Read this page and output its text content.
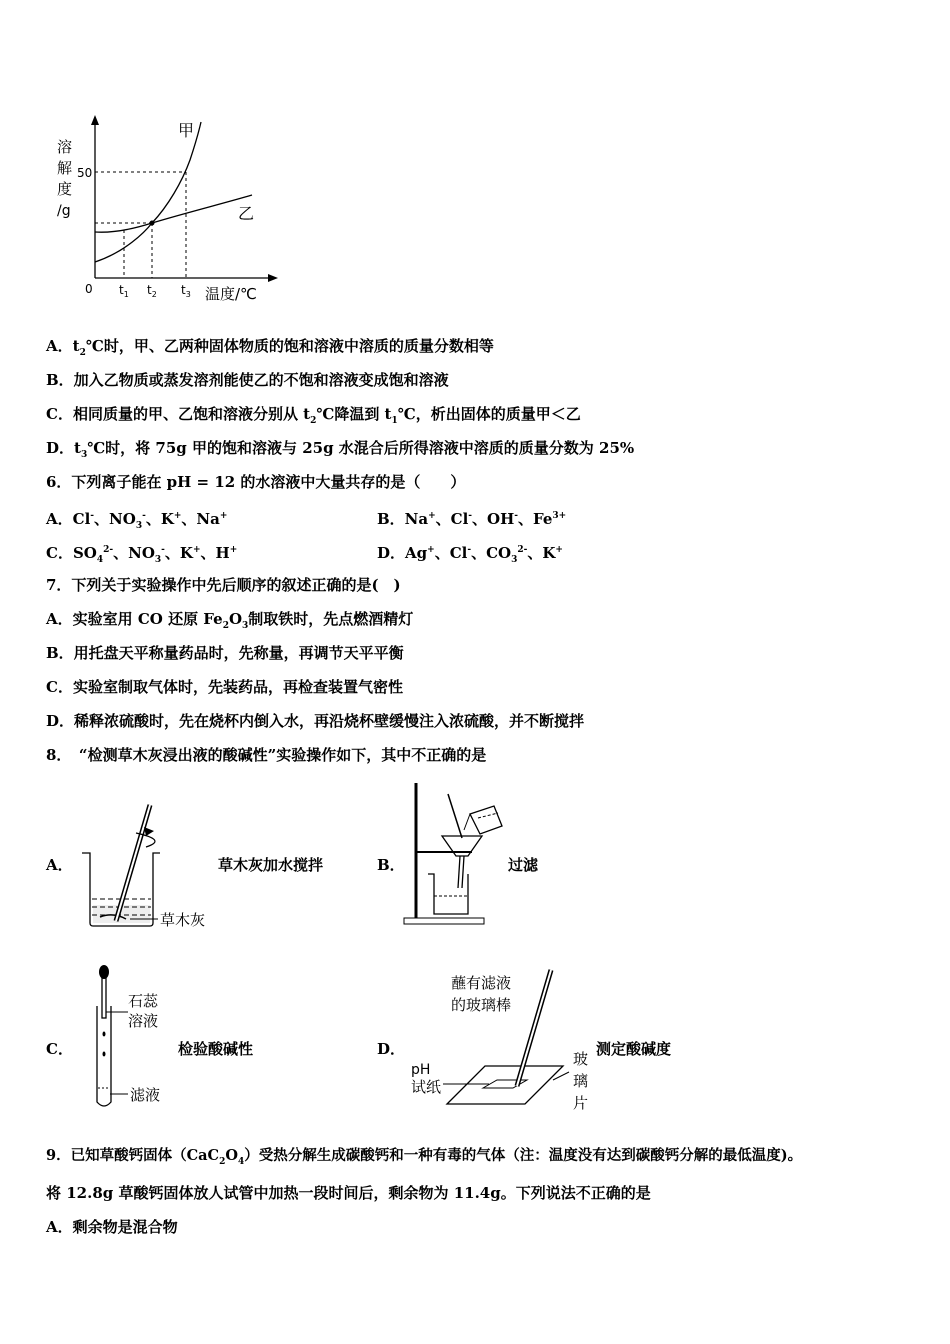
溶
解
度
/g
50
0 $t_1$ $t_2$ $t_3$ 温度/℃
甲
乙
A．$t_2℃$时，甲、乙两种固体物质的饱和溶液中溶质的质量分数相等
B．加入乙物质或蒸发溶剂能使乙的不饱和溶液变成饱和溶液
C．相同质量的甲、乙饱和溶液分别从 $t_2℃$降温到 $t_1℃$，析出固体的质量甲＜乙
D．$t_3℃$时，将 75g 甲的饱和溶液与 25g 水混合后所得溶液中溶质的质量分数为 25%
6．下列离子能在 pH = 12 的水溶液中大量共存的是（　　）
A．Cl-、$NO_3^-$、K+、Na+	B．Na+、Cl-、OH-、$Fe^{3+}$
C．$SO_4^{2-}$、$NO_3^-$、K+、H+	D．Ag+、Cl-、$CO_3^{2-}$、K+
7．下列关于实验操作中先后顺序的叙述正确的是(　)
A．实验室用 CO 还原 $Fe_2O_3$制取铁时，先点燃酒精灯
B．用托盘天平称量药品时，先称量，再调节天平平衡
C．实验室制取气体时，先装药品，再检查装置气密性
D．稀释浓硫酸时，先在烧杯内倒入水，再沿烧杯壁缓慢注入浓硫酸，并不断搅拌
8．　“检测草木灰浸出液的酸碱性”实验操作如下，其中不正确的是
A．
草木灰
草木灰加水搅拌	B．	过滤
C．
石蕊
溶液
滤液
检验酸碱性	D．
蘸有滤液
的玻璃棒
pH
试纸
玻
璃
片
测定酸碱度
9．已知草酸钙固体$(CaC_2O_4)$受热分解生成碳酸钙和一种有毒的气体（注：温度没有达到碳酸钙分解的最低温度)。
将 12.8g 草酸钙固体放人试管中加热一段时间后，剩余物为 11.4g。下列说法不正确的是
A．剩余物是混合物
